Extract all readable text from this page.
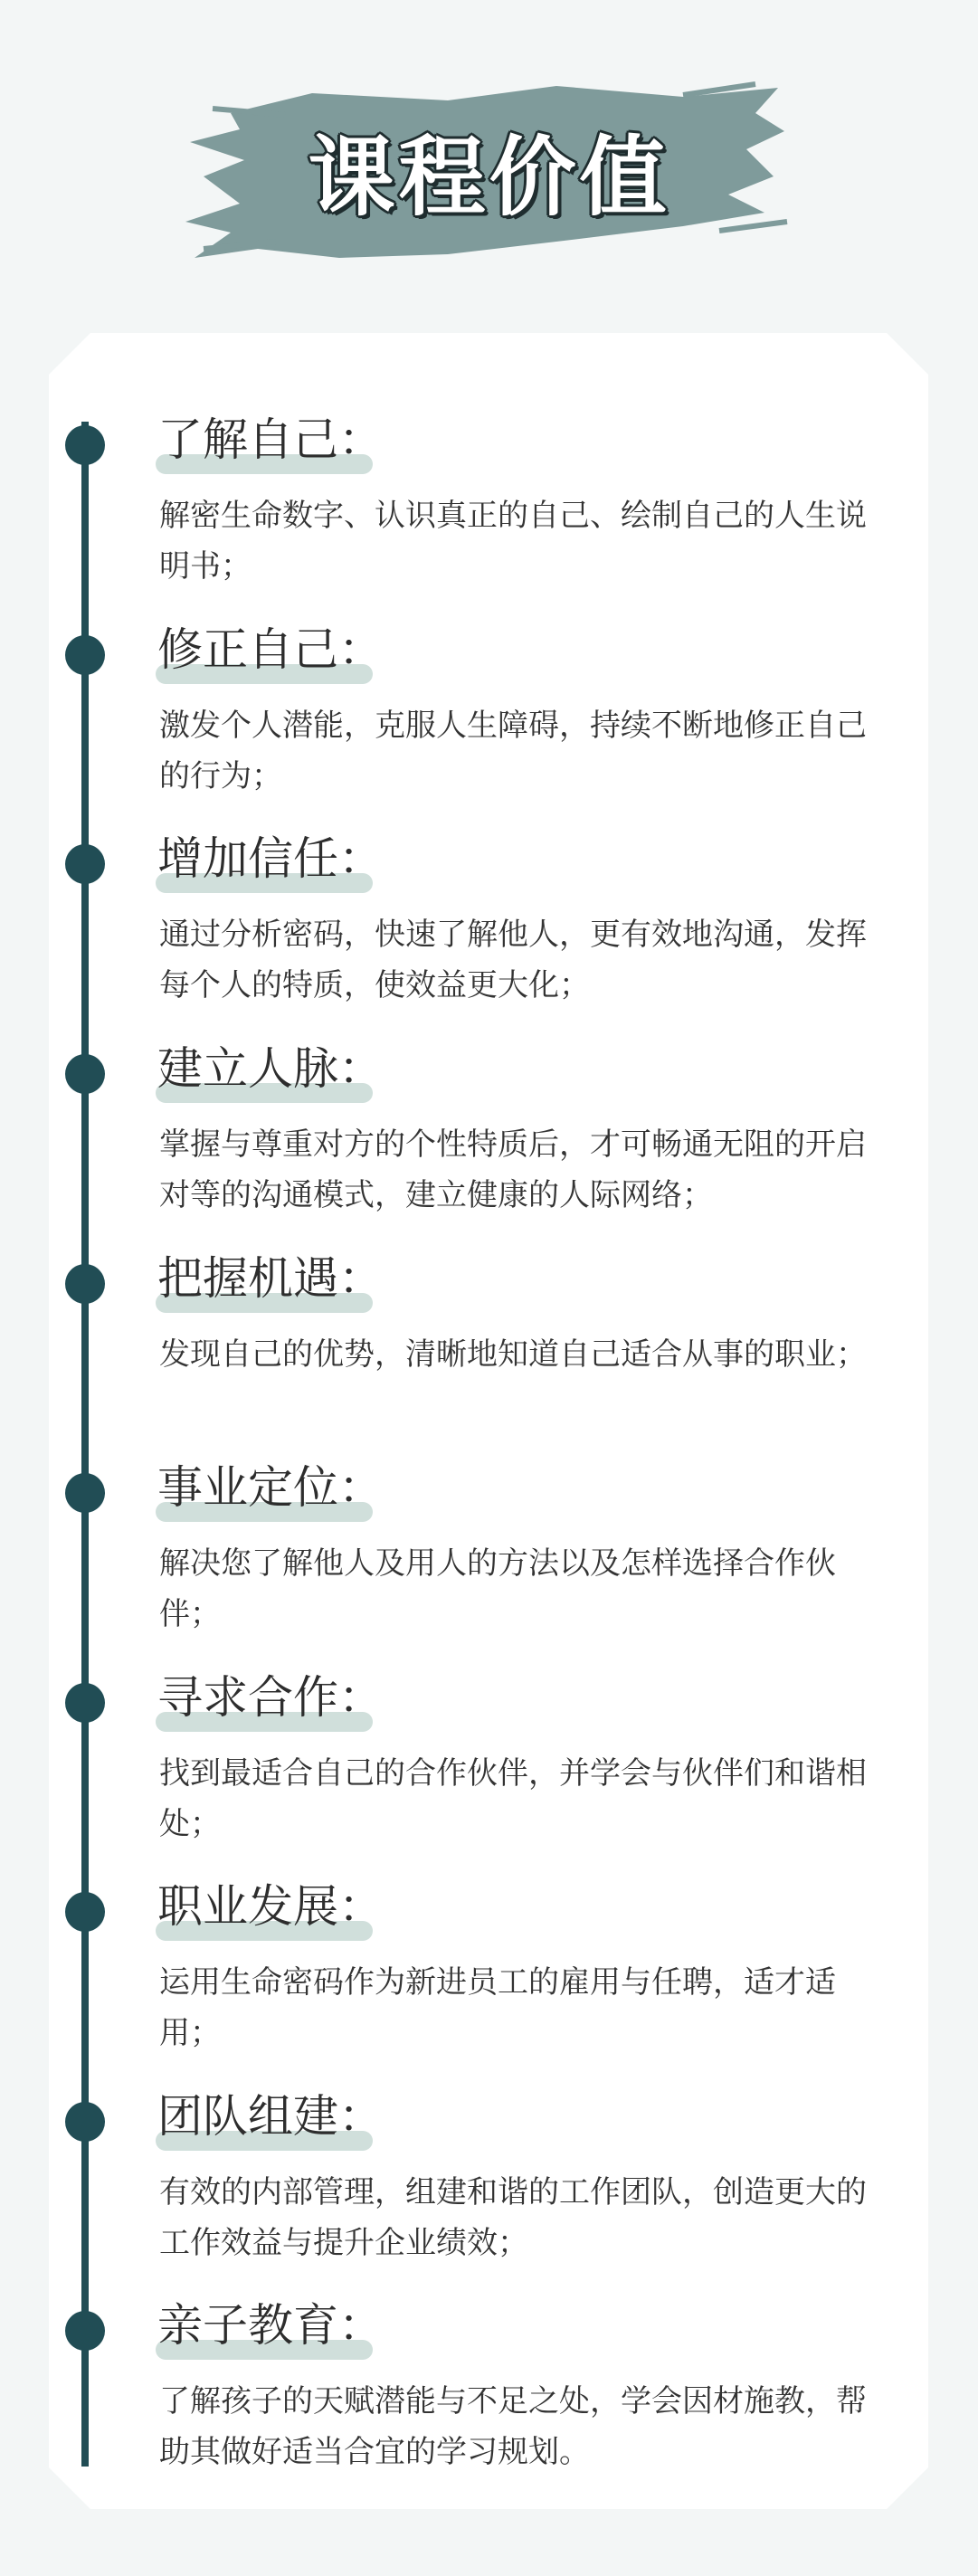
课程价值
了解自己：
解密生命数字、认识真正的自己、绘制自己的人生说明书；
修正自己：
激发个人潜能，克服人生障碍，持续不断地修正自己的行为；
增加信任：
通过分析密码，快速了解他人，更有效地沟通，发挥每个人的特质，使效益更大化；
建立人脉：
掌握与尊重对方的个性特质后，才可畅通无阻的开启对等的沟通模式，建立健康的人际网络；
把握机遇：
发现自己的优势，清晰地知道自己适合从事的职业；
事业定位：
解决您了解他人及用人的方法以及怎样选择合作伙伴；
寻求合作：
找到最适合自己的合作伙伴，并学会与伙伴们和谐相处；
职业发展：
运用生命密码作为新进员工的雇用与任聘，适才适用；
团队组建：
有效的内部管理，组建和谐的工作团队，创造更大的工作效益与提升企业绩效；
亲子教育：
了解孩子的天赋潜能与不足之处，学会因材施教，帮助其做好适当合宜的学习规划。
